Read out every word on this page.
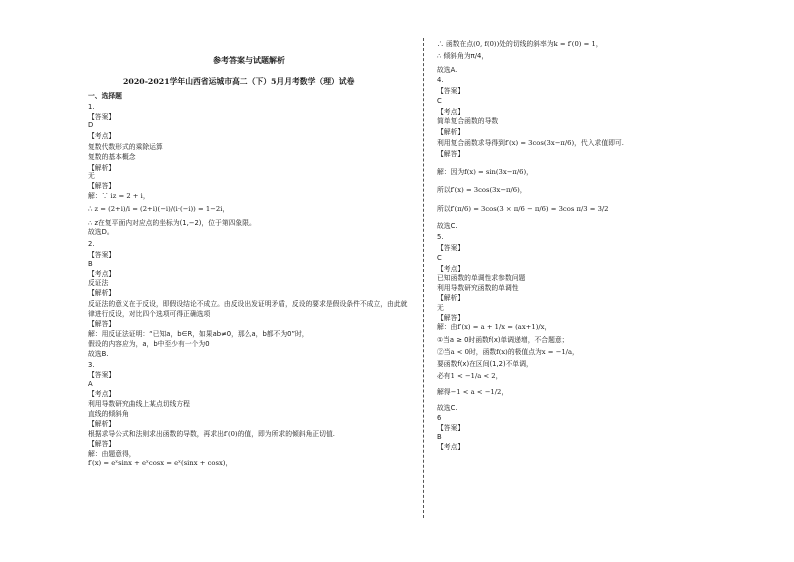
参考答案与试题解析
2020-2021学年山西省运城市高二（下）5月月考数学（理）试卷
一、选择题
1.
【答案】
D
【考点】
复数代数形式的乘除运算
复数的基本概念
【解析】
无
【解答】
解：∵ iz = 2 + i，
∴ z = (2+i)/i = (2+i)(−i)/(i·(−i)) = 1−2i，
∴ z在复平面内对应点的坐标为(1,−2)，位于第四象限。
故选D。
2.
【答案】
B
【考点】
反证法
【解析】
反证法的意义在于反设，即假设结论不成立。由反设出发证明矛盾，反设的要求是假设条件不成立，由此就
律进行反设，对比四个选项可得正确选项
【解答】
解：用反证法证明：“已知a，b∈R，如果ab≠0，那么a，b都不为0”时，
假设的内容应为，a，b中至少有一个为0
故选B.
3.
【答案】
A
【考点】
利用导数研究曲线上某点切线方程
直线的倾斜角
【解析】
根据求导公式和法则求出函数的导数，再求出f′(0)的值，即为所求的倾斜角正切值.
【解答】
解：由题意得，
f′(x) = eˣsinx + eˣcosx = eˣ(sinx + cosx)，
∴ 函数在点(0, f(0))处的切线的斜率为k = f′(0) = 1，
∴ 倾斜角为π/4，
故选A.
4.
【答案】
C
【考点】
简单复合函数的导数
【解析】
利用复合函数求导得到f′(x) = 3cos(3x−π/6)，代入求值即可.
【解答】
解：因为f(x) = sin(3x−π/6)，
所以f′(x) = 3cos(3x−π/6)，
所以f′(π/6) = 3cos(3 × π/6 − π/6) = 3cos π/3 = 3/2
故选C.
5.
【答案】
C
【考点】
已知函数的单调性求参数问题
利用导数研究函数的单调性
【解析】
无
【解答】
解：由f′(x) = a + 1/x = (ax+1)/x，
①当a ≥ 0时函数f(x)单调递增，不合题意；
②当a < 0时，函数f(x)的极值点为x = −1/a，
要函数f(x)在区间(1,2)不单调，
必有1 < −1/a < 2，
解得−1 < a < −1/2，
故选C.
6
【答案】
B
【考点】
